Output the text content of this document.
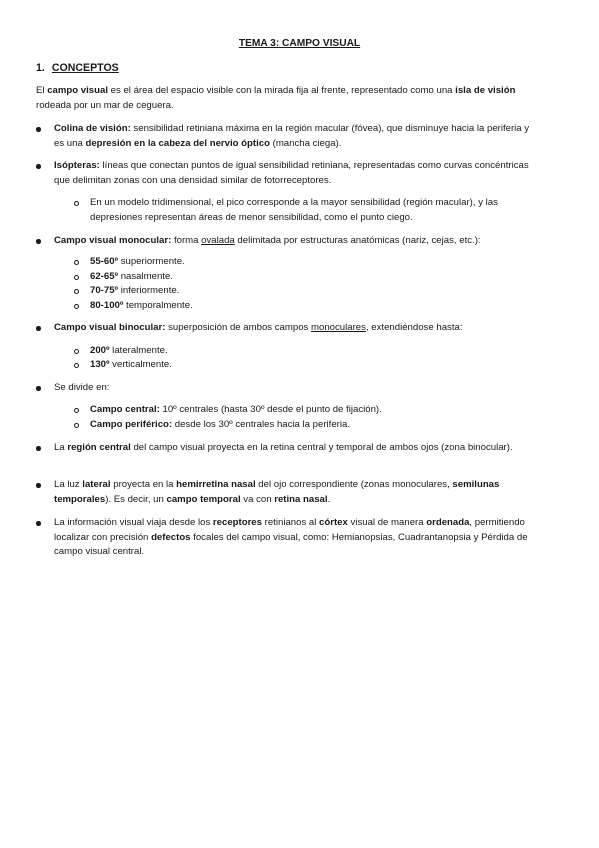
TEMA 3: CAMPO VISUAL
1. CONCEPTOS
El campo visual es el área del espacio visible con la mirada fija al frente, representado como una isla de visión rodeada por un mar de ceguera.
Colina de visión: sensibilidad retiniana máxima en la región macular (fóvea), que disminuye hacia la periferia y es una depresión en la cabeza del nervio óptico (mancha ciega).
Isópteras: líneas que conectan puntos de igual sensibilidad retiniana, representadas como curvas concéntricas que delimitan zonas con una densidad similar de fotorreceptores.
En un modelo tridimensional, el pico corresponde a la mayor sensibilidad (región macular), y las depresiones representan áreas de menor sensibilidad, como el punto ciego.
Campo visual monocular: forma ovalada delimitada por estructuras anatómicas (nariz, cejas, etc.):
55-60º superiormente.
62-65º nasalmente.
70-75º inferiormente.
80-100º temporalmente.
Campo visual binocular: superposición de ambos campos monoculares, extendiéndose hasta:
200º lateralmente.
130º verticalmente.
Se divide en:
Campo central: 10º centrales (hasta 30º desde el punto de fijación).
Campo periférico: desde los 30º centrales hacia la periferia.
La región central del campo visual proyecta en la retina central y temporal de ambos ojos (zona binocular).
La luz lateral proyecta en la hemirretina nasal del ojo correspondiente (zonas monoculares, semilunas temporales). Es decir, un campo temporal va con retina nasal.
La información visual viaja desde los receptores retinianos al córtex visual de manera ordenada, permitiendo localizar con precisión defectos focales del campo visual, como: Hemianopsias, Cuadrantanopsia y Pérdida de campo visual central.
